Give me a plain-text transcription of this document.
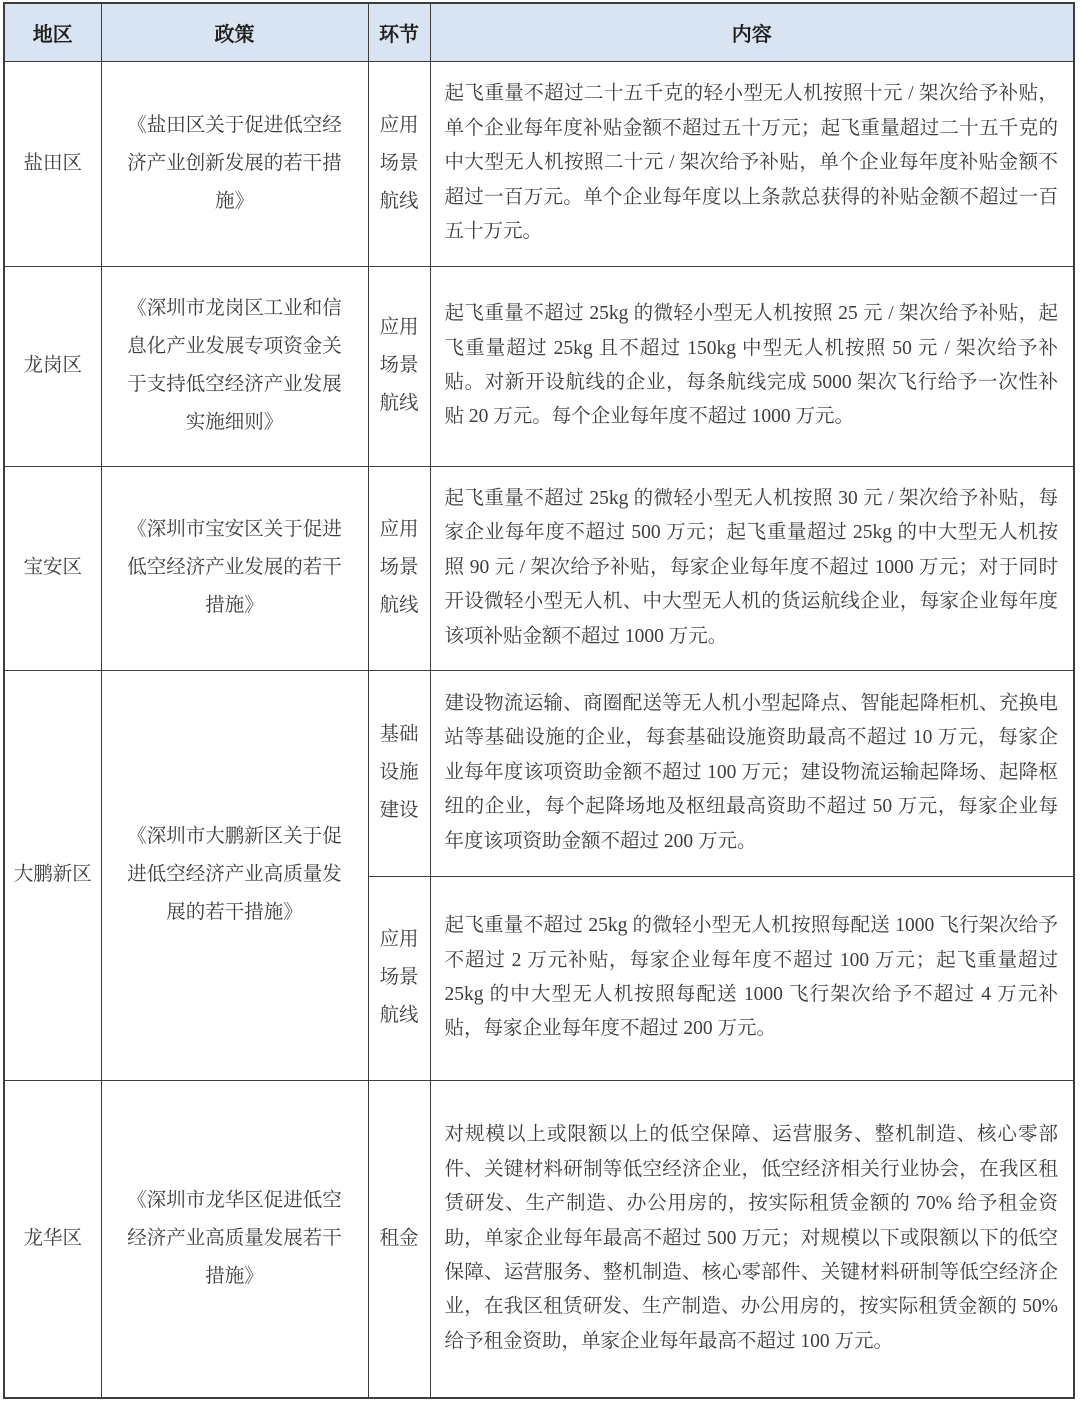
地区	政策	环节	内容
盐田区	《盐田区关于促进低空经济产业创新发展的若干措施》	应用场景航线	起飞重量不超过二十五千克的轻小型无人机按照十元 / 架次给予补贴，单个企业每年度补贴金额不超过五十万元；起飞重量超过二十五千克的中大型无人机按照二十元 / 架次给予补贴，单个企业每年度补贴金额不超过一百万元。单个企业每年度以上条款总获得的补贴金额不超过一百五十万元。
龙岗区	《深圳市龙岗区工业和信息化产业发展专项资金关于支持低空经济产业发展实施细则》	应用场景航线	起飞重量不超过 25kg 的微轻小型无人机按照 25 元 / 架次给予补贴，起飞重量超过 25kg 且不超过 150kg 中型无人机按照 50 元 / 架次给予补贴。对新开设航线的企业，每条航线完成 5000 架次飞行给予一次性补贴 20 万元。每个企业每年度不超过 1000 万元。
宝安区	《深圳市宝安区关于促进低空经济产业发展的若干措施》	应用场景航线	起飞重量不超过 25kg 的微轻小型无人机按照 30 元 / 架次给予补贴，每家企业每年度不超过 500 万元；起飞重量超过 25kg 的中大型无人机按照 90 元 / 架次给予补贴，每家企业每年度不超过 1000 万元；对于同时开设微轻小型无人机、中大型无人机的货运航线企业，每家企业每年度该项补贴金额不超过 1000 万元。
大鹏新区	《深圳市大鹏新区关于促进低空经济产业高质量发展的若干措施》	基础设施建设	建设物流运输、商圈配送等无人机小型起降点、智能起降柜机、充换电站等基础设施的企业，每套基础设施资助最高不超过 10 万元，每家企业每年度该项资助金额不超过 100 万元；建设物流运输起降场、起降枢纽的企业，每个起降场地及枢纽最高资助不超过 50 万元，每家企业每年度该项资助金额不超过 200 万元。
		应用场景航线	起飞重量不超过 25kg 的微轻小型无人机按照每配送 1000 飞行架次给予不超过 2 万元补贴，每家企业每年度不超过 100 万元；起飞重量超过 25kg 的中大型无人机按照每配送 1000 飞行架次给予不超过 4 万元补贴，每家企业每年度不超过 200 万元。
龙华区	《深圳市龙华区促进低空经济产业高质量发展若干措施》	租金	对规模以上或限额以上的低空保障、运营服务、整机制造、核心零部件、关键材料研制等低空经济企业，低空经济相关行业协会，在我区租赁研发、生产制造、办公用房的，按实际租赁金额的 70% 给予租金资助，单家企业每年最高不超过 500 万元；对规模以下或限额以下的低空保障、运营服务、整机制造、核心零部件、关键材料研制等低空经济企业，在我区租赁研发、生产制造、办公用房的，按实际租赁金额的 50% 给予租金资助，单家企业每年最高不超过 100 万元。
